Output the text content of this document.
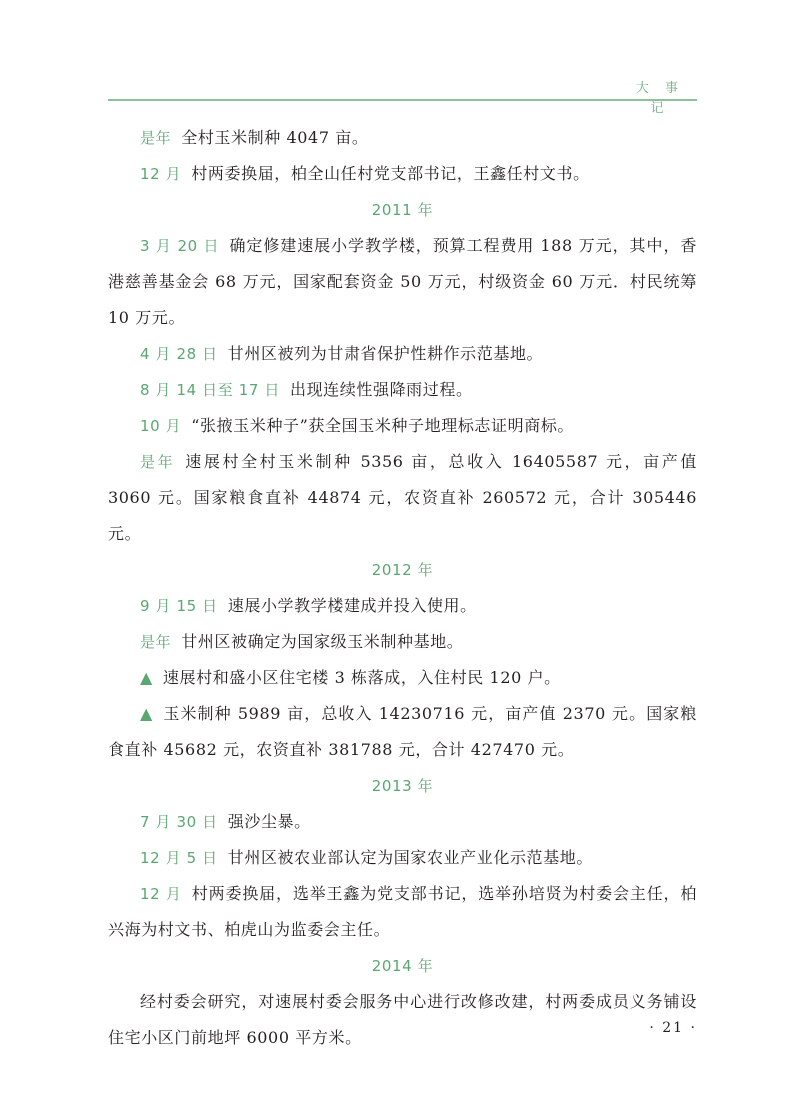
大 事 记

是年 全村玉米制种 4047 亩。

12 月 村两委换届，柏全山任村党支部书记，王鑫任村文书。

2011 年

3 月 20 日 确定修建速展小学教学楼，预算工程费用 188 万元，其中，香港慈善基金会 68 万元，国家配套资金 50 万元，村级资金 60 万元．村民统筹 10 万元。

4 月 28 日 甘州区被列为甘肃省保护性耕作示范基地。

8 月 14 日至 17 日 出现连续性强降雨过程。

10 月 “张掖玉米种子”获全国玉米种子地理标志证明商标。

是年 速展村全村玉米制种 5356 亩，总收入 16405587 元，亩产值 3060 元。国家粮食直补 44874 元，农资直补 260572 元，合计 305446 元。

2012 年

9 月 15 日 速展小学教学楼建成并投入使用。

是年 甘州区被确定为国家级玉米制种基地。

▲ 速展村和盛小区住宅楼 3 栋落成，入住村民 120 户。

▲ 玉米制种 5989 亩，总收入 14230716 元，亩产值 2370 元。国家粮食直补 45682 元，农资直补 381788 元，合计 427470 元。

2013 年

7 月 30 日 强沙尘暴。

12 月 5 日 甘州区被农业部认定为国家农业产业化示范基地。

12 月 村两委换届，选举王鑫为党支部书记，选举孙培贤为村委会主任，柏兴海为村文书、柏虎山为监委会主任。

2014 年

经村委会研究，对速展村委会服务中心进行改修改建，村两委成员义务铺设住宅小区门前地坪 6000 平方米。	· 21 ·
